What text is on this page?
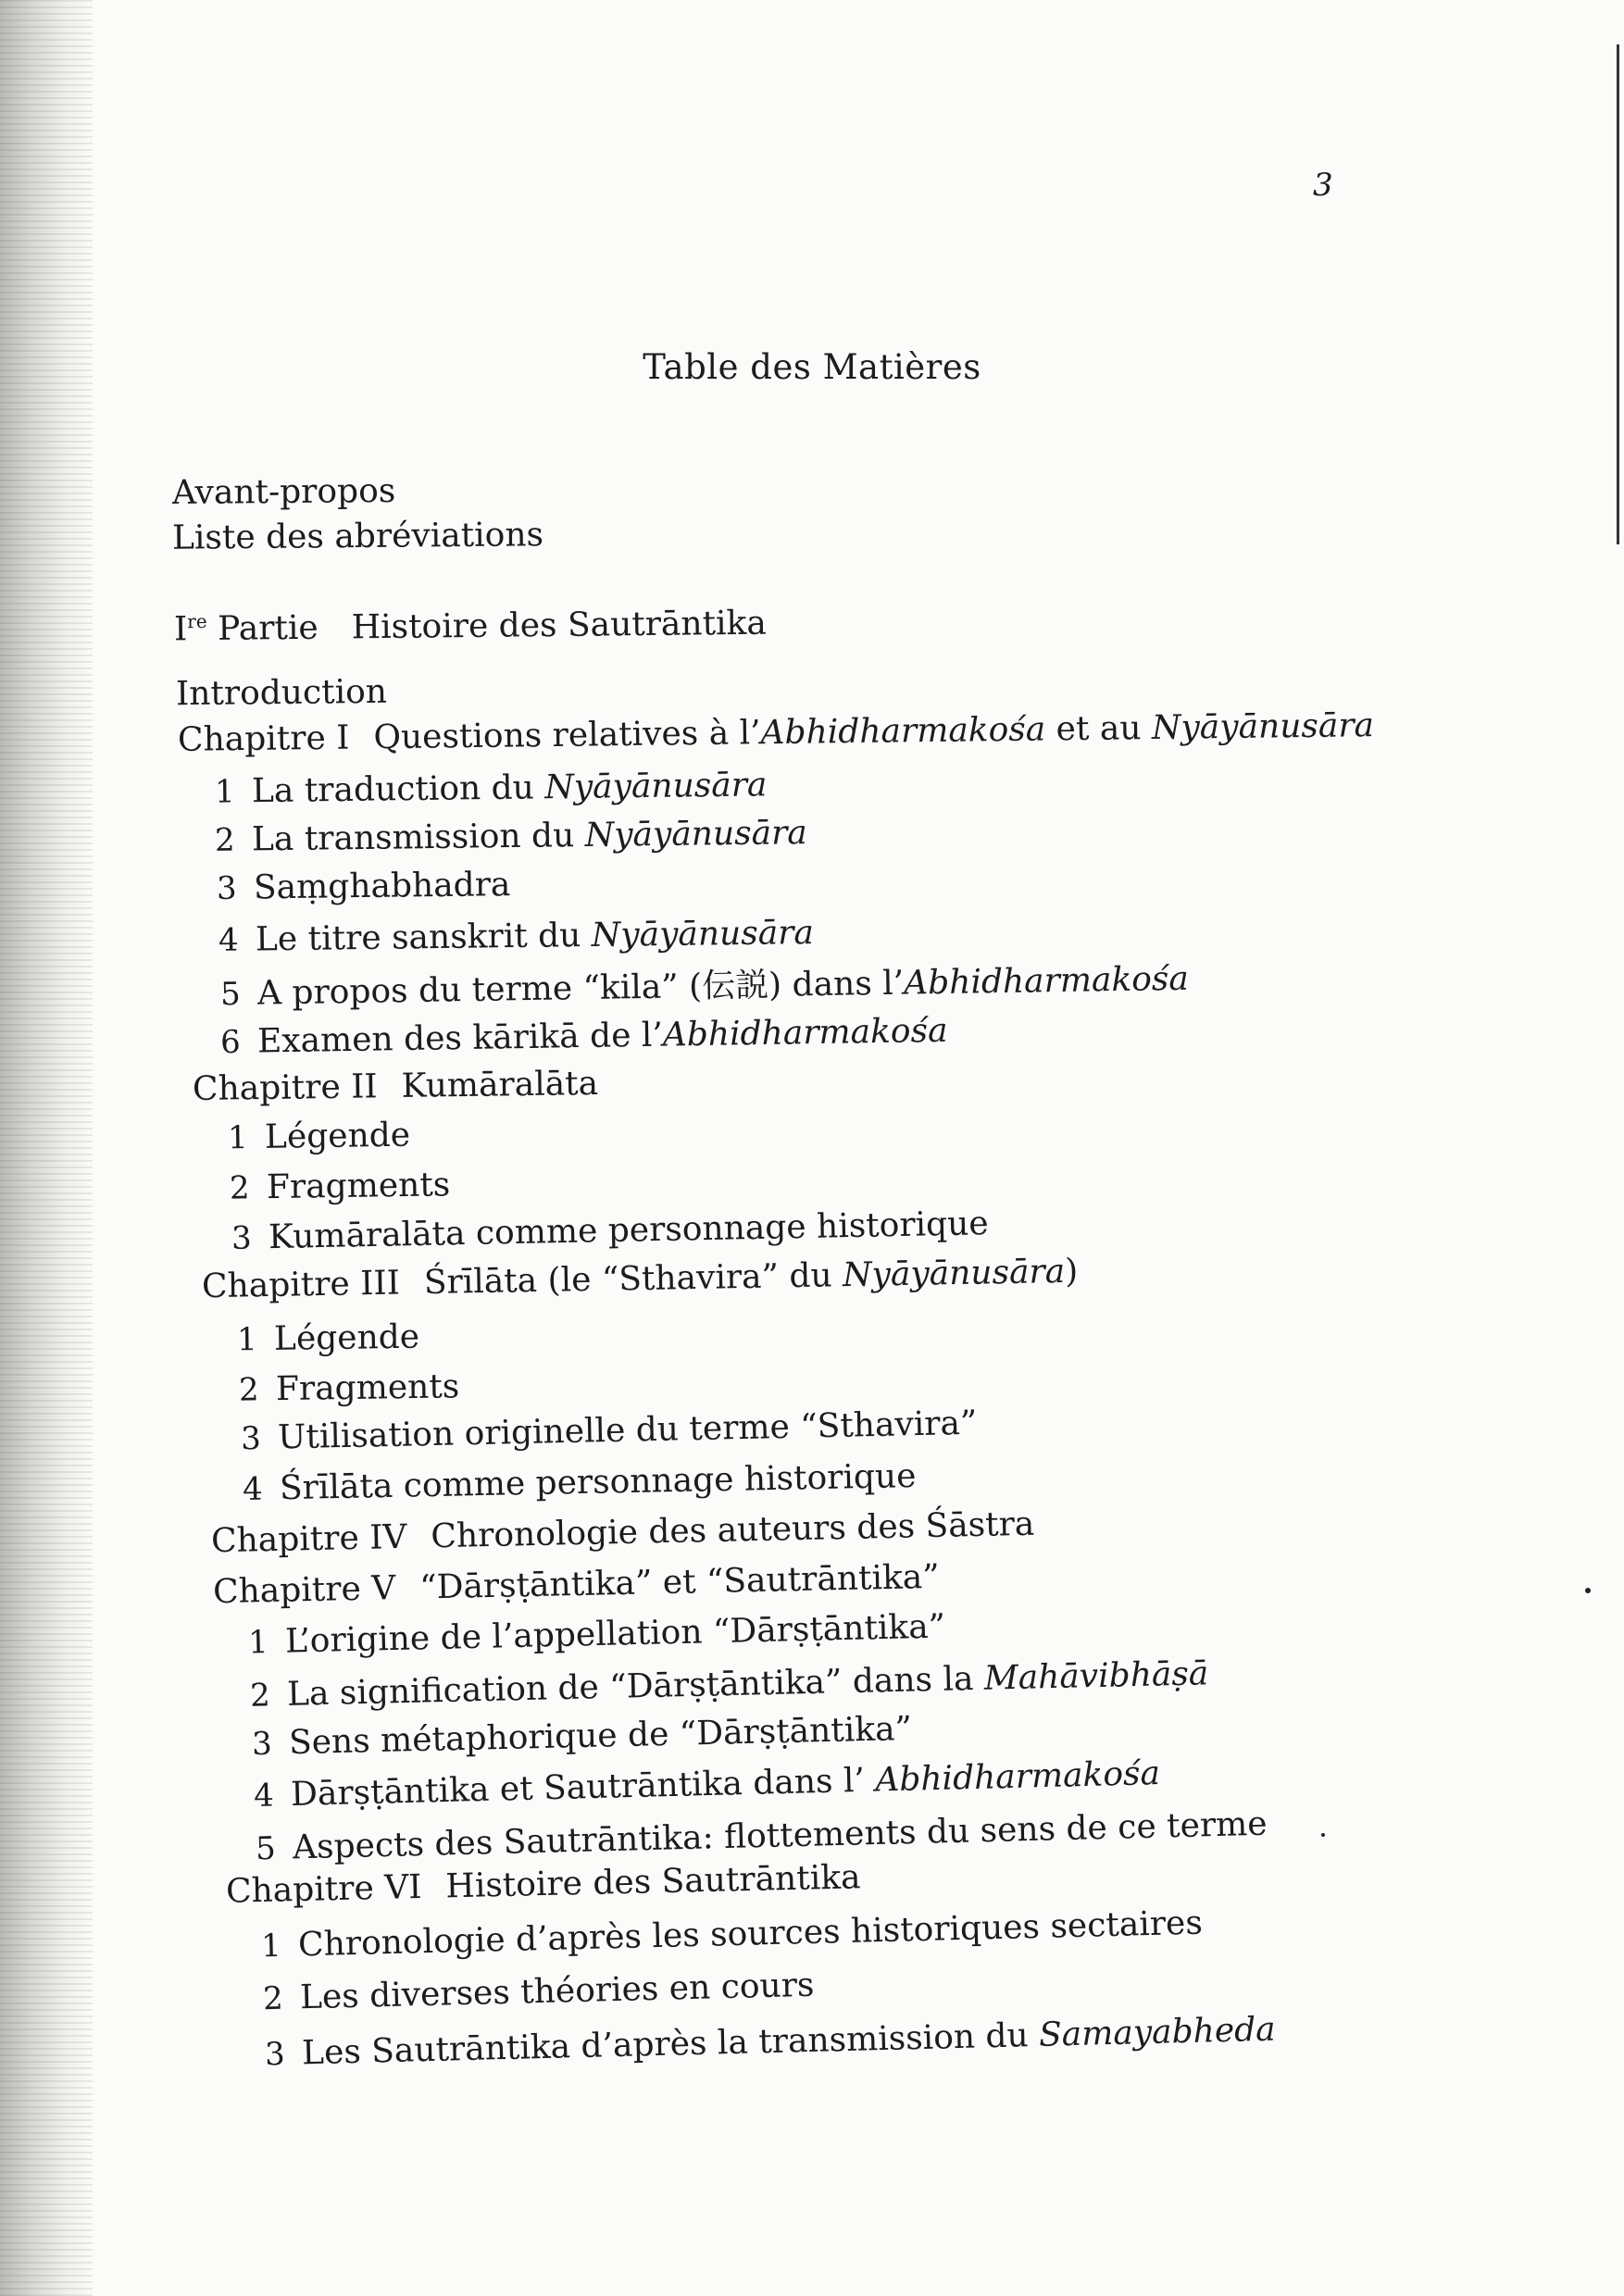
3
Table des Matières
Avant-propos
Liste des abréviations
Ire Partie Histoire des Sautrāntika
Introduction
Chapitre I Questions relatives à l’Abhidharmakośa et au Nyāyānusāra
1 La traduction du Nyāyānusāra
2 La transmission du Nyāyānusāra
3 Saṃghabhadra
4 Le titre sanskrit du Nyāyānusāra
5 A propos du terme “kila” (伝説) dans l’Abhidharmakośa
6 Examen des kārikā de l’Abhidharmakośa
Chapitre II Kumāralāta
1 Légende
2 Fragments
3 Kumāralāta comme personnage historique
Chapitre III Śrīlāta (le “Sthavira” du Nyāyānusāra)
1 Légende
2 Fragments
3 Utilisation originelle du terme “Sthavira”
4 Śrīlāta comme personnage historique
Chapitre IV Chronologie des auteurs des Śāstra
Chapitre V “Dārṣṭāntika” et “Sautrāntika”
1 L’origine de l’appellation “Dārṣṭāntika”
2 La signification de “Dārṣṭāntika” dans la Mahāvibhāṣā
3 Sens métaphorique de “Dārṣṭāntika”
4 Dārṣṭāntika et Sautrāntika dans l’ Abhidharmakośa
5 Aspects des Sautrāntika: flottements du sens de ce terme
Chapitre VI Histoire des Sautrāntika
1 Chronologie d’après les sources historiques sectaires
2 Les diverses théories en cours
3 Les Sautrāntika d’après la transmission du Samayabheda
